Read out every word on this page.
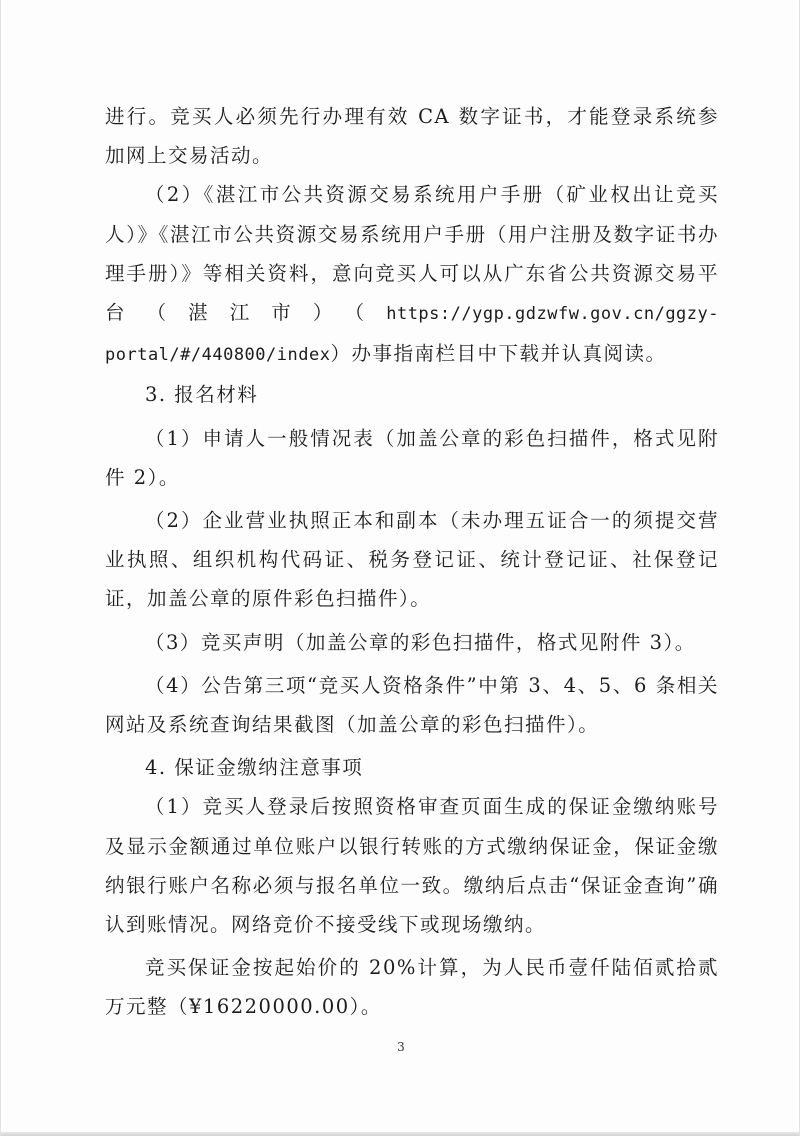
进行。竞买人必须先行办理有效 CA 数字证书，才能登录系统参加网上交易活动。

（2）《湛江市公共资源交易系统用户手册（矿业权出让竞买人）》《湛江市公共资源交易系统用户手册（用户注册及数字证书办理手册）》等相关资料，意向竞买人可以从广东省公共资源交易平台（湛江市）（https://ygp.gdzwfw.gov.cn/ggzy-portal/#/440800/index）办事指南栏目中下载并认真阅读。

3. 报名材料

（1）申请人一般情况表（加盖公章的彩色扫描件，格式见附件 2）。

（2）企业营业执照正本和副本（未办理五证合一的须提交营业执照、组织机构代码证、税务登记证、统计登记证、社保登记证，加盖公章的原件彩色扫描件）。

（3）竞买声明（加盖公章的彩色扫描件，格式见附件 3）。

（4）公告第三项“竞买人资格条件”中第 3、4、5、6 条相关网站及系统查询结果截图（加盖公章的彩色扫描件）。

4. 保证金缴纳注意事项

（1）竞买人登录后按照资格审查页面生成的保证金缴纳账号及显示金额通过单位账户以银行转账的方式缴纳保证金，保证金缴纳银行账户名称必须与报名单位一致。缴纳后点击“保证金查询”确认到账情况。网络竞价不接受线下或现场缴纳。

竞买保证金按起始价的 20%计算，为人民币壹仟陆佰贰拾贰万元整（¥16220000.00）。

3
